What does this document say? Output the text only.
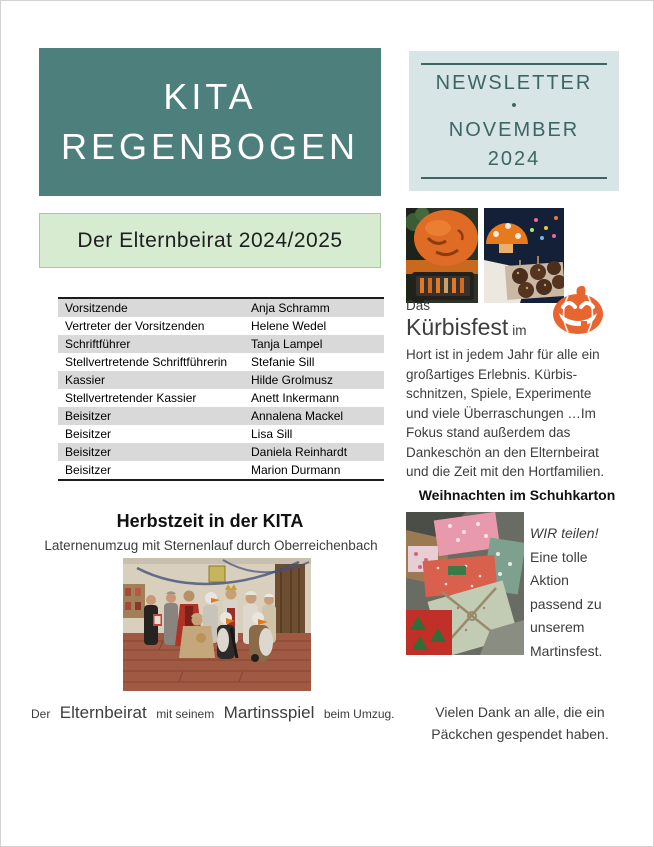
KITA
REGENBOGEN
NEWSLETTER
•
NOVEMBER
2024
Der Elternbeirat 2024/2025
Vorsitzende	Anja Schramm
Vertreter der Vorsitzenden	Helene Wedel
Schriftführer	Tanja Lampel
Stellvertretende Schriftführerin	Stefanie Sill
Kassier	Hilde Grolmusz
Stellvertretender Kassier	Anett Inkermann
Beisitzer	Annalena Mackel
Beisitzer	Lisa Sill
Beisitzer	Daniela Reinhardt
Beisitzer	Marion Durmann
Das
Kürbisfest im
Hort ist in jedem Jahr für alle ein
großartiges Erlebnis. Kürbis-
schnitzen, Spiele, Experimente
und viele Überraschungen …Im
Fokus stand außerdem das
Dankeschön an den Elternbeirat
und die Zeit mit den Hortfamilien.
Weihnachten im Schuhkarton
WIR teilen!
Eine tolle
Aktion
passend zu
unserem
Martinsfest.
Vielen Dank an alle, die ein
Päckchen gespendet haben.
Herbstzeit in der KITA
Laternenumzug mit Sternenlauf durch Oberreichenbach
Der Elternbeirat mit seinem Martinsspiel beim Umzug.
